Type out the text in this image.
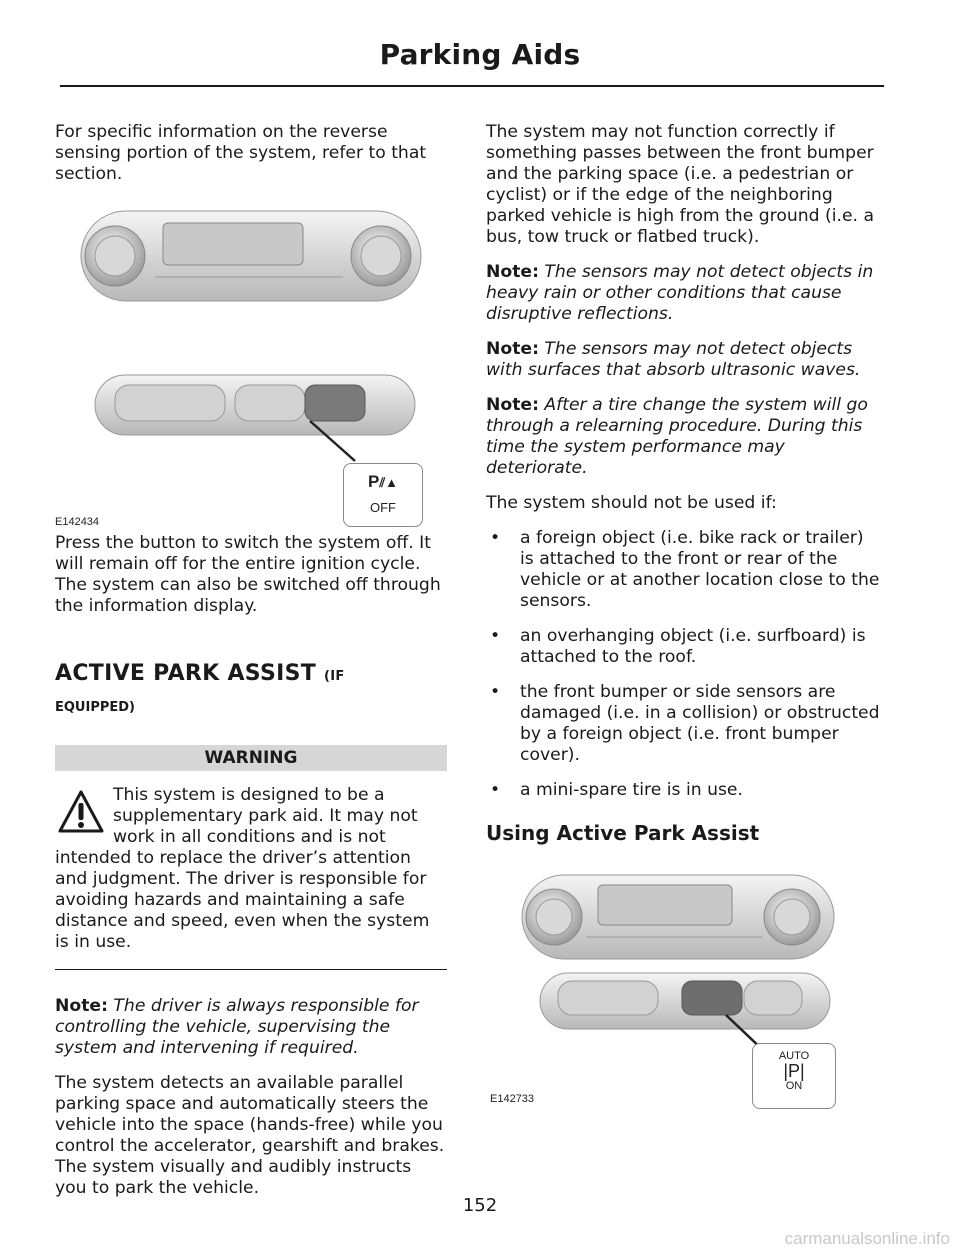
Parking Aids

For specific information on the reverse sensing portion of the system, refer to that section.

P⫽▲
OFF
E142434

Press the button to switch the system off. It will remain off for the entire ignition cycle. The system can also be switched off through the information display.

ACTIVE PARK ASSIST (IF
EQUIPPED)
WARNING
This system is designed to be a supplementary park aid. It may not work in all conditions and is not intended to replace the driver’s attention and judgment. The driver is responsible for avoiding hazards and maintaining a safe distance and speed, even when the system is in use.

Note: The driver is always responsible for controlling the vehicle, supervising the system and intervening if required.

The system detects an available parallel parking space and automatically steers the vehicle into the space (hands-free) while you control the accelerator, gearshift and brakes. The system visually and audibly instructs you to park the vehicle.

The system may not function correctly if something passes between the front bumper and the parking space (i.e. a pedestrian or cyclist) or if the edge of the neighboring parked vehicle is high from the ground (i.e. a bus, tow truck or flatbed truck).

Note: The sensors may not detect objects in heavy rain or other conditions that cause disruptive reflections.

Note: The sensors may not detect objects with surfaces that absorb ultrasonic waves.

Note: After a tire change the system will go through a relearning procedure. During this time the system performance may deteriorate.

The system should not be used if:

• a foreign object (i.e. bike rack or trailer) is attached to the front or rear of the vehicle or at another location close to the sensors.
• an overhanging object (i.e. surfboard) is attached to the roof.
• the front bumper or side sensors are damaged (i.e. in a collision) or obstructed by a foreign object (i.e. front bumper cover).
• a mini-spare tire is in use.
Using Active Park Assist
AUTO
|P|
ON
E142733
152
carmanualsonline.info
